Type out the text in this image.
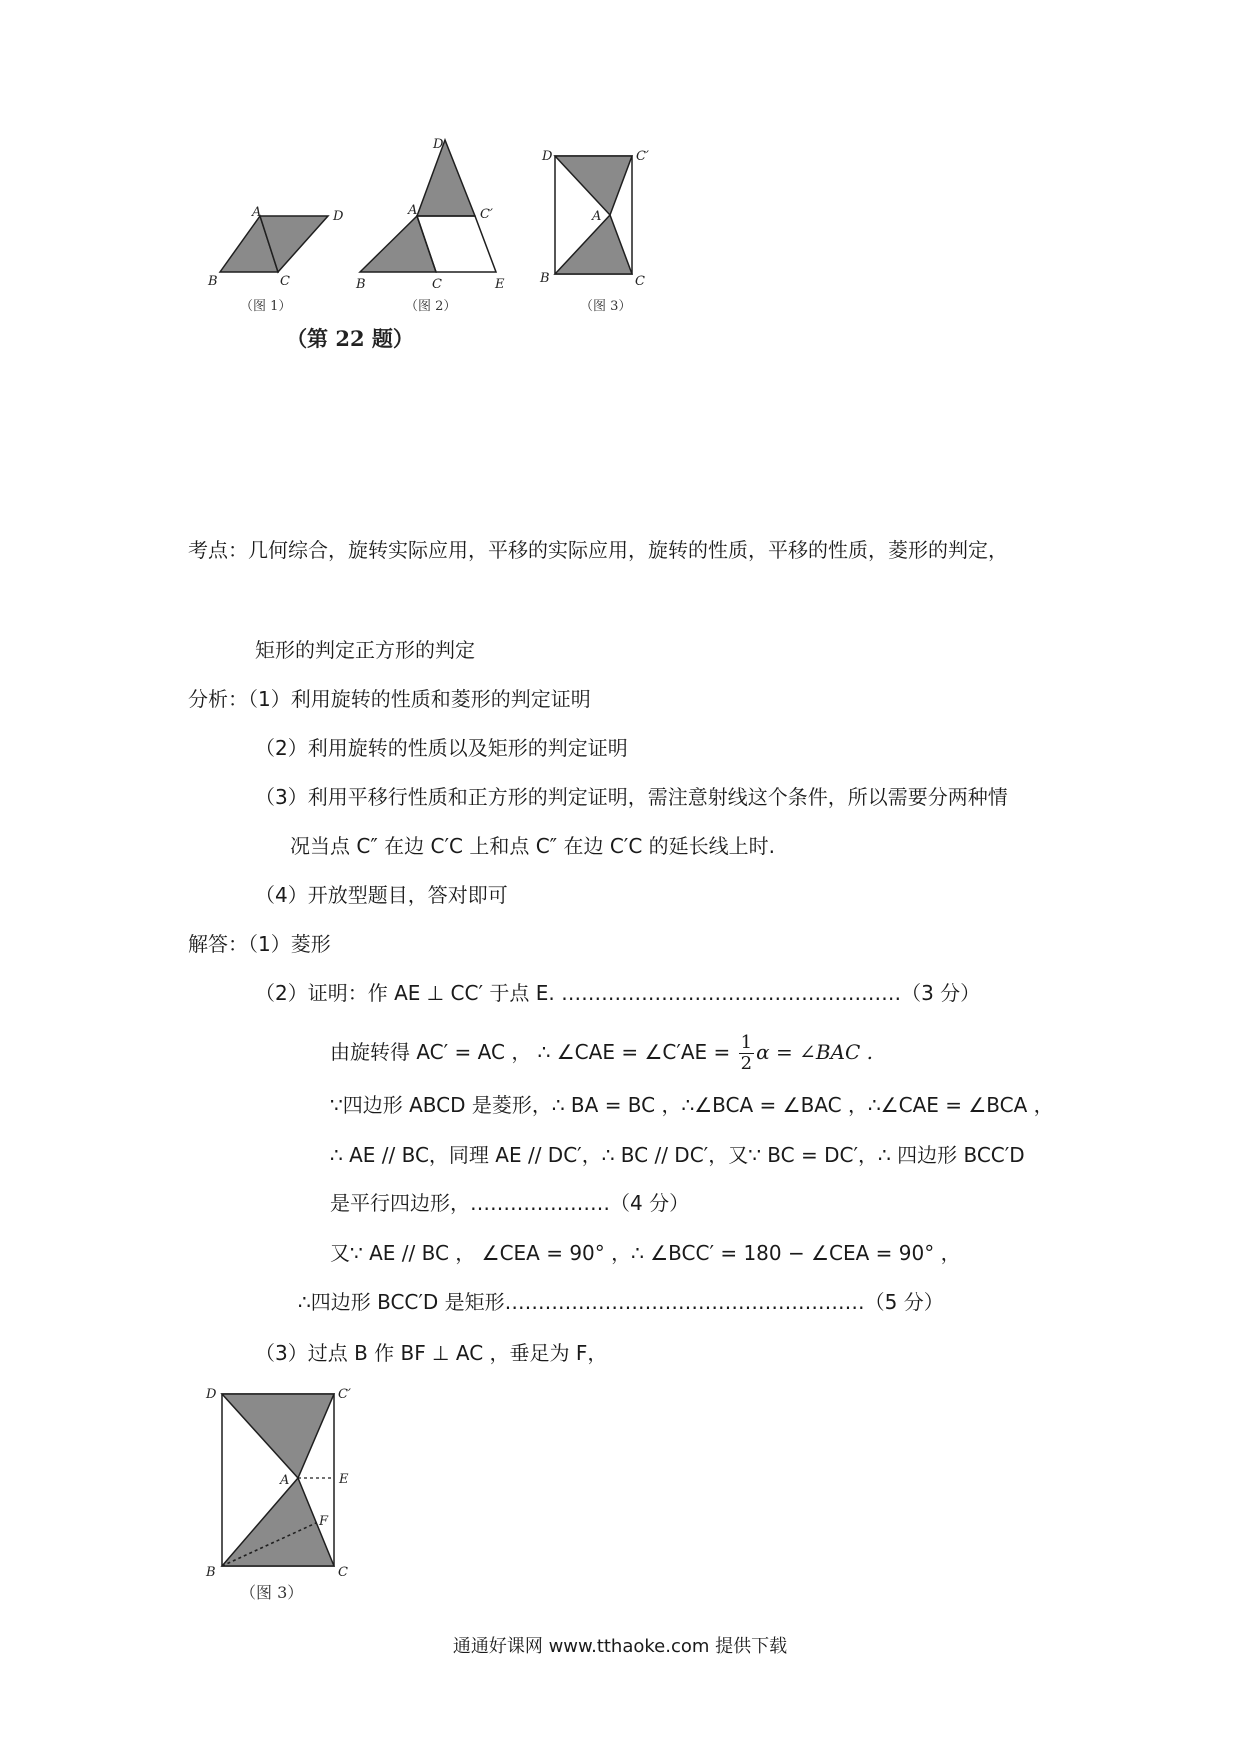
A	D
B	C
（图 1）
D
A	C′
B	C	E
（图 2）
D	C′
A
B	C
（图 3）
（第 22 题）
考点：几何综合，旋转实际应用，平移的实际应用，旋转的性质，平移的性质，菱形的判定，
矩形的判定正方形的判定
分析：（1）利用旋转的性质和菱形的判定证明
（2）利用旋转的性质以及矩形的判定证明
（3）利用平移行性质和正方形的判定证明，需注意射线这个条件，所以需要分两种情
况当点 C″ 在边 C′C 上和点 C″ 在边 C′C 的延长线上时.
（4）开放型题目，答对即可
解答：（1）菱形
（2）证明：作 AE ⊥ CC′ 于点 E. ……………………………………………（3 分）
由旋转得 AC′ = AC ， ∴ ∠CAE = ∠C′AE = $\frac{1}{2}$ α = ∠BAC .
∵四边形 ABCD 是菱形，∴ BA = BC ，∴∠BCA = ∠BAC ，∴∠CAE = ∠BCA ，
∴ AE // BC，同理 AE // DC′，∴ BC // DC′，又∵ BC = DC′，∴ 四边形 BCC′D
是平行四边形，…………………（4 分）
又∵ AE // BC ， ∠CEA = 90° ，∴ ∠BCC′ = 180 − ∠CEA = 90° ，
∴四边形 BCC′D 是矩形………………………………………………（5 分）
（3）过点 B 作 BF ⊥ AC ，垂足为 F，
D	C′
A	E
F
B	C
（图 3）
通通好课网 www.tthaoke.com 提供下载
